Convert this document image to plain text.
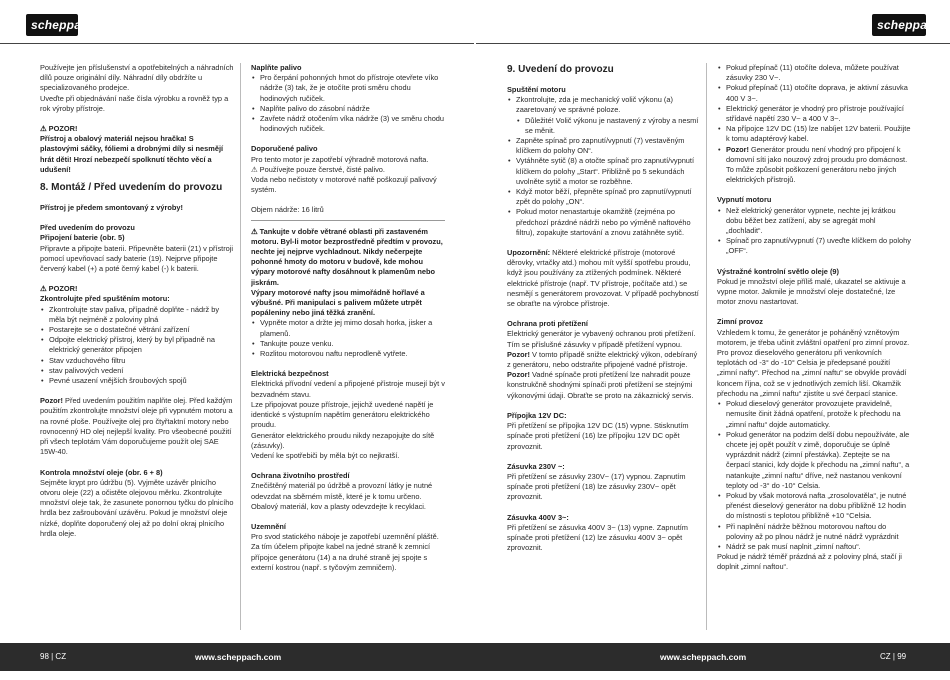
scheppach	scheppach

Používejte jen příslušenství a opotřebitelných a náhradních dílů pouze originální díly. Náhradní díly obdržíte u specializovaného prodejce.

Uveďte při objednávání naše čísla výrobku a rovněž typ a rok výroby přístroje.

⚠ POZOR!

Přístroj a obalový materiál nejsou hračka! S plastovými sáčky, fóliemi a drobnými díly si nesmějí hrát děti! Hrozí nebezpečí spolknutí těchto věcí a udušení!

8. Montáž / Před uvedením do provozu

Přístroj je předem smontovaný z výroby!

Před uvedením do provozu

Připojení baterie (obr. 5)

Připravte a připojte baterii. Připevněte baterii (21) v přístroji pomocí upevňovací sady baterie (19). Nejprve připojte červený kabel (+) a poté černý kabel (-) k baterii.

⚠ POZOR!

Zkontrolujte před spuštěním motoru:

• Zkontrolujte stav paliva, případně doplňte - nádrž by měla být nejméně z poloviny plná
• Postarejte se o dostatečné větrání zařízení
• Odpojte elektrický přístroj, který by byl připadně na elektrický generátor připojen
• Stav vzduchového filtru
• stav palivových vedení
• Pevné usazení vnějších šroubových spojů

Pozor! Před uvedením použitím naplňte olej. Před každým použitím zkontrolujte množství oleje při vypnutém motoru a na rovné ploše. Používejte olej pro čtyřtaktní motory nebo rovnocenný HD olej nejlepší kvality. Pro všeobecné použití při všech teplotám Vám doporučujeme použít olej SAE 15W-40.

Kontrola množství oleje (obr. 6 + 8)

Sejměte krypt pro údržbu (5). Vyjměte uzávěr plnicího otvoru oleje (22) a očistěte olejovou měrku. Zkontrolujte množství oleje tak, že zasunete ponornou tyčku do plnicího hrdla bez zašroubování uzávěru. Pokud je množství oleje nízké, doplňte doporučený olej až po dolní okraj plnicího hrdla oleje.

Naplňte palivo

• Pro čerpání pohonných hmot do přístroje otevřete víko nádrže (3) tak, že je otočíte proti směru chodu hodinových ručiček.
• Naplňte palivo do zásobní nádrže
• Zavřete nádrž otočením víka nádrže (3) ve směru chodu hodinových ručiček.

Doporučené palivo

Pro tento motor je zapotřebí výhradně motorová nafta.

⚠ Používejte pouze čerstvé, čisté palivo.

Voda nebo nečistoty v motorové naftě poškozují palivový systém.

Objem nádrže: 16 litrů

⚠ Tankujte v dobře větrané oblasti při zastaveném motoru. Byl-li motor bezprostředně předtím v provozu, nechte jej nejprve vychladnout. Nikdy nečerpejte pohonné hmoty do motoru v budově, kde mohou výpary motorové nafty dosáhnout k plamenům nebo jiskrám.

Výpary motorové nafty jsou mimořádně hořlavé a výbušné. Při manipulaci s palivem můžete utrpět popáleniny nebo jiná těžká zranění.

• Vypněte motor a držte jej mimo dosah horka, jisker a plamenů.
• Tankujte pouze venku.
• Rozlitou motorovou naftu neprodleně vytřete.

Elektrická bezpečnost

Elektrická přívodní vedení a připojené přístroje musejí být v bezvadném stavu.

Lze připojovat pouze přístroje, jejichž uvedené napětí je identické s výstupním napětím generátoru elektrického proudu.

Generátor elektrického proudu nikdy nezapojujte do sítě (zásuvky).

Vedení ke spotřebiči by měla být co nejkratší.

Ochrana životního prostředí

Znečištěný materiál po údržbě a provozní látky je nutné odevzdat na sběrném místě, které je k tomu určeno. Obalový materiál, kov a plasty odevzdejte k recyklaci.

Uzemnění

Pro svod statického náboje je zapotřebí uzemnění pláště. Za tím účelem připojte kabel na jedné straně k zemnicí přípojce generátoru (14) a na druhé straně jej spojte s externí kostrou (např. s tyčovým zemničem).

9. Uvedení do provozu

Spuštění motoru

• Zkontrolujte, zda je mechanický volič výkonu (a) zaaretovaný ve správné poloze.
• Důležité! Volič výkonu je nastavený z výroby a nesmí se měnit.
• Zapněte spínač pro zapnutí/vypnutí (7) vestavěným klíčkem do polohy ON“.
• Vytáhněte sytič (8) a otočte spínač pro zapnutí/vypnutí klíčkem do polohy „Start“. Přibližně po 5 sekundách uvolněte sytič a motor se rozběhne.
• Když motor běží, přepněte spínač pro zapnutí/vypnutí zpět do polohy „ON“.
• Pokud motor nenastartuje okamžitě (zejména po předchozí prázdné nádrži nebo po výměně naftového filtru), zopakujte startování a znovu zatáhněte sytič.

Upozornění: Některé elektrické přístroje (motorové děrovky, vrtačky atd.) mohou mít vyšší spotřebu proudu, když jsou používány za ztížených podmínek. Některé elektrické přístroje (např. TV přístroje, počítače atd.) se nesmějí s generátorem provozovat. V případě pochybností se obraťte na výrobce přístroje.

Ochrana proti přetížení

Elektrický generátor je vybavený ochranou proti přetížení. Tím se příslušné zásuvky v případě přetížení vypnou.

Pozor! V tomto případě snižte elektrický výkon, odebíraný z generátoru, nebo odstraňte připojené vadné přístroje.

Pozor! Vadné spínače proti přetížení lze nahradit pouze konstrukčně shodnými spínači proti přetížení se stejnými výkonovými údaji. Obraťte se proto na zákaznický servis.

Přípojka 12V DC:

Při přetížení se přípojka 12V DC (15) vypne. Stisknutím spínače proti přetížení (16) lze přípojku 12V DC opět zprovoznit.

Zásuvka 230V ~:

Při přetížení se zásuvky 230V~ (17) vypnou. Zapnutím spínače proti přetížení (18) lze zásuvky 230V~ opět zprovoznit.

Zásuvka 400V 3~:

Při přetížení se zásuvka 400V 3~ (13) vypne. Zapnutím spínače proti přetížení (12) lze zásuvku 400V 3~ opět zprovoznit.

• Pokud přepínač (11) otočíte doleva, můžete používat zásuvky 230 V~.
• Pokud přepínač (11) otočíte doprava, je aktivní zásuvka 400 V 3~.
• Elektrický generátor je vhodný pro přístroje používající střídavé napětí 230 V~ a 400 V 3~.
• Na přípojce 12V DC (15) lze nabíjet 12V baterii. Použijte k tomu adaptérový kabel.
• Pozor! Generátor proudu není vhodný pro připojení k domovní síti jako nouzový zdroj proudu pro domácnost. To může způsobit poškození generátoru nebo jiných elektrických přístrojů.

Vypnutí motoru

• Než elektrický generátor vypnete, nechte jej krátkou dobu běžet bez zatížení, aby se agregát mohl „dochladit“.
• Spínač pro zapnutí/vypnutí (7) uveďte klíčkem do polohy „OFF“.

Výstražné kontrolní světlo oleje (9)

Pokud je množství oleje příliš malé, ukazatel se aktivuje a vypne motor. Jakmile je množství oleje dostatečné, lze motor znovu nastartovat.

Zimní provoz

Vzhledem k tomu, že generátor je poháněný vznětovým motorem, je třeba učinit zvláštní opatření pro zimní provoz. Pro provoz dieselového generátoru při venkovních teplotách od -3° do -10° Celsia je předepsané použití „zimní nafty“. Přechod na „zimní naftu“ se obvykle provádí koncem října, což se v jednotlivých zemích liší. Okamžik přechodu na „zimní naftu“ zjistíte u své čerpací stanice.

• Pokud dieselový generátor provozujete pravidelně, nemusíte činit žádná opatření, protože k přechodu na „zimní naftu“ dojde automaticky.
• Pokud generátor na podzim delší dobu nepoužíváte, ale chcete jej opět použít v zimě, doporučuje se úplně vyprázdnit nádrž (zimní přestávka). Zeptejte se na čerpací stanici, kdy dojde k přechodu na „zimní naftu“, a natankujte „zimní naftu“ dříve, než nastanou venkovní teploty od -3° do -10° Celsia.
• Pokud by však motorová nafta „zrosolovatěla“, je nutné přenést dieselový generátor na dobu přibližně 12 hodin do místnosti s teplotou přibližně +10 °Celsia.
• Při naplnění nádrže běžnou motorovou naftou do poloviny až po plnou nádrž je nutné nádrž vyprázdnit
• Nádrž se pak musí naplnit „zimní naftou“.

Pokud je nádrž téměř prázdná až z poloviny plná, stačí ji doplnit „zimní naftou“.

98 | CZ	www.scheppach.com	www.scheppach.com	CZ | 99
